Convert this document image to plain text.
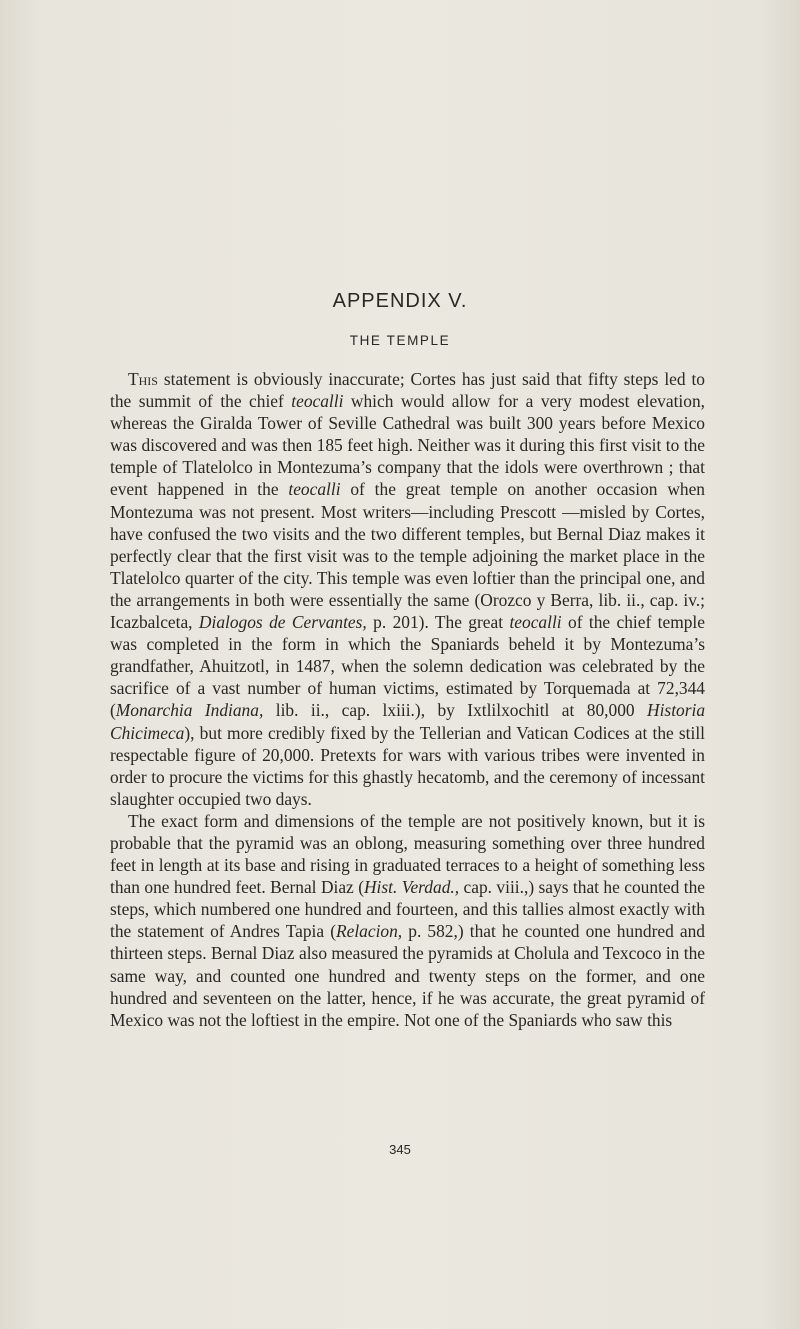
APPENDIX V.
THE TEMPLE

This statement is obviously inaccurate; Cortes has just said that fifty steps led to the summit of the chief teocalli which would allow for a very modest elevation, whereas the Giralda Tower of Seville Cathedral was built 300 years before Mexico was discovered and was then 185 feet high. Neither was it during this first visit to the temple of Tlatelolco in Montezuma’s company that the idols were overthrown ; that event happened in the teocalli of the great temple on another occasion when Montezuma was not present. Most writers—including Prescott —misled by Cortes, have confused the two visits and the two different temples, but Bernal Diaz makes it perfectly clear that the first visit was to the temple adjoining the market place in the Tlatelolco quarter of the city. This temple was even loftier than the principal one, and the arrangements in both were essentially the same (Orozco y Berra, lib. ii., cap. iv.; Icazbalceta, Dialogos de Cervantes, p. 201). The great teocalli of the chief temple was completed in the form in which the Spaniards beheld it by Montezuma’s grandfather, Ahuitzotl, in 1487, when the solemn dedication was celebrated by the sacrifice of a vast number of human victims, estimated by Torquemada at 72,344 (Monarchia Indiana, lib. ii., cap. lxiii.), by Ixtlilxochitl at 80,000 Historia Chicimeca), but more credibly fixed by the Tellerian and Vatican Codices at the still respectable figure of 20,000. Pretexts for wars with various tribes were invented in order to procure the victims for this ghastly hecatomb, and the ceremony of incessant slaughter occupied two days.

The exact form and dimensions of the temple are not positively known, but it is probable that the pyramid was an oblong, measuring something over three hundred feet in length at its base and rising in graduated terraces to a height of something less than one hundred feet. Bernal Diaz (Hist. Verdad., cap. viii.,) says that he counted the steps, which numbered one hundred and fourteen, and this tallies almost exactly with the statement of Andres Tapia (Relacion, p. 582,) that he counted one hundred and thirteen steps. Bernal Diaz also measured the pyramids at Cholula and Texcoco in the same way, and counted one hundred and twenty steps on the former, and one hundred and seventeen on the latter, hence, if he was accurate, the great pyramid of Mexico was not the loftiest in the empire. Not one of the Spaniards who saw this

345
